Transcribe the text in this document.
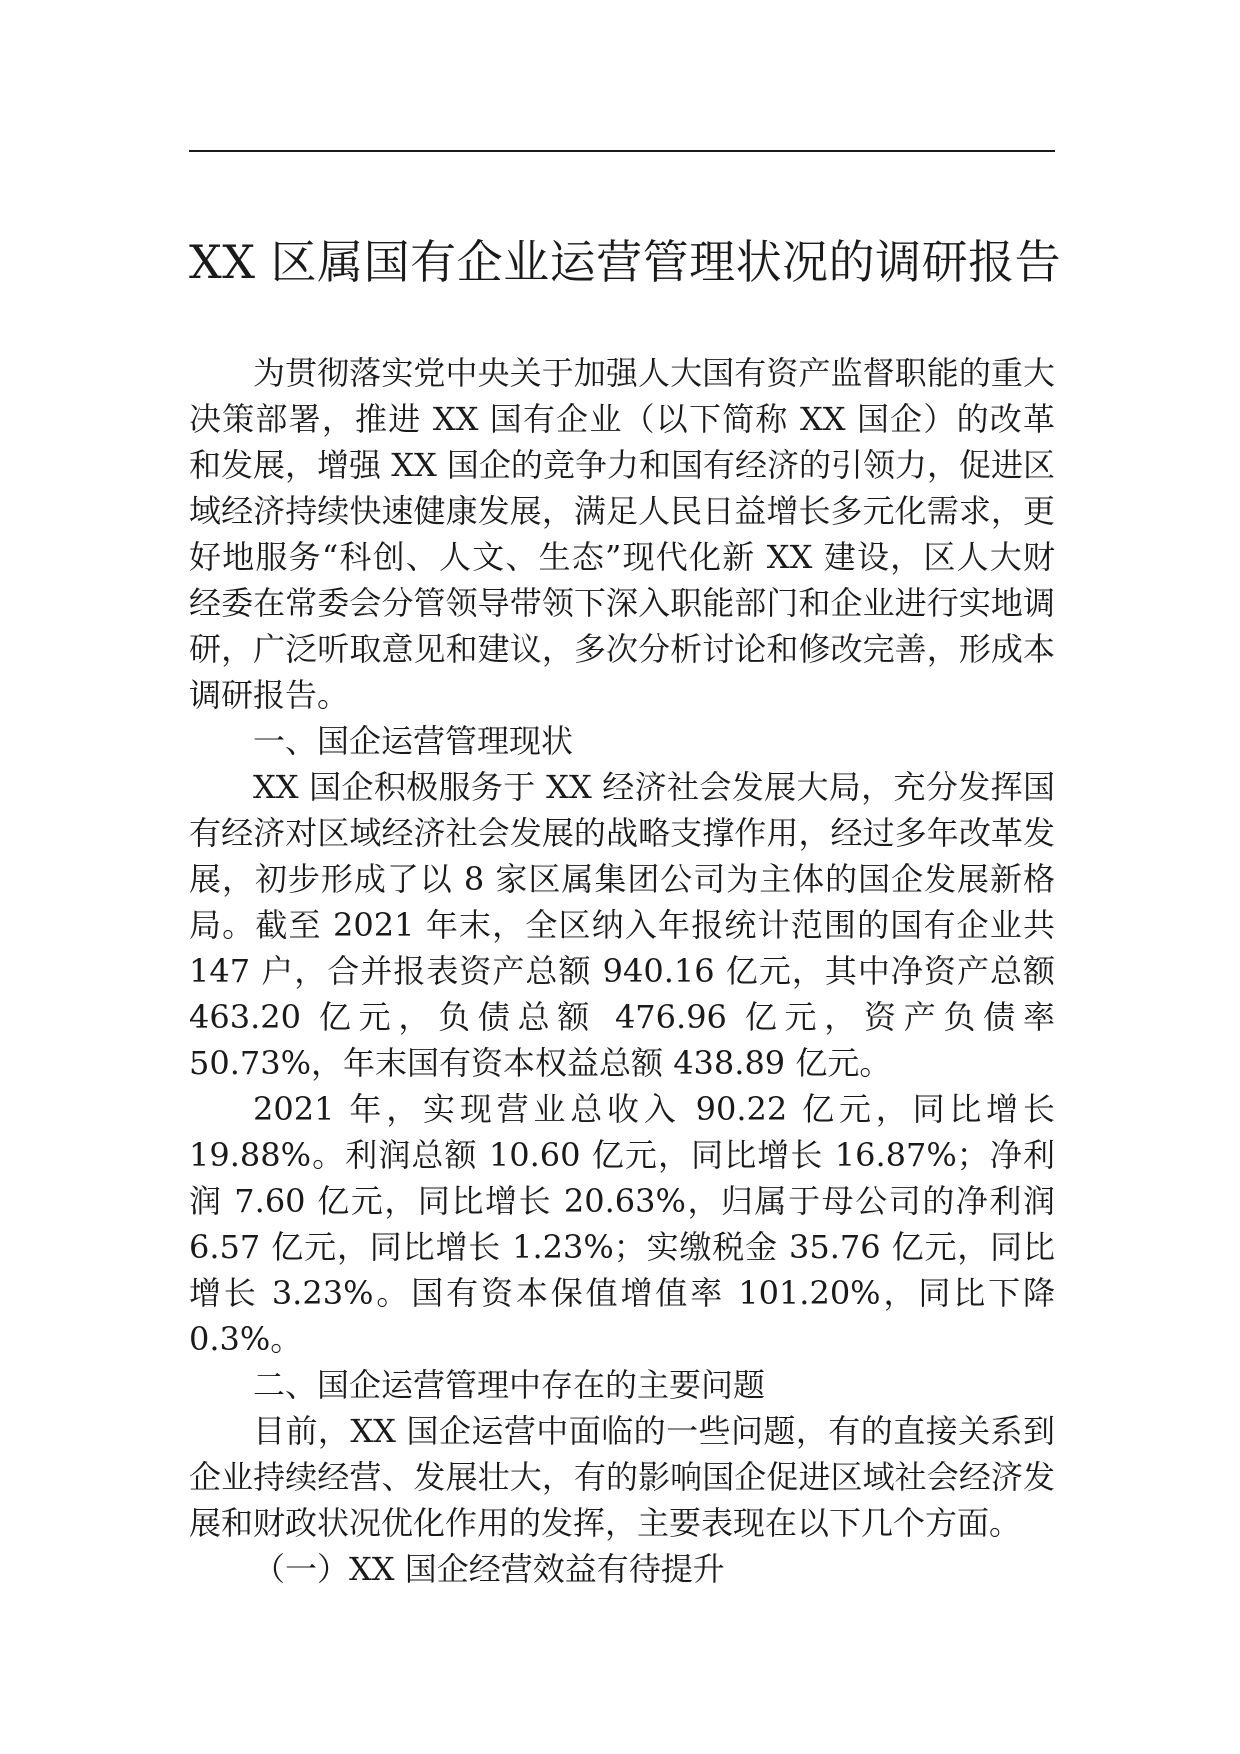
XX 区属国有企业运营管理状况的调研报告

为贯彻落实党中央关于加强人大国有资产监督职能的重大决策部署，推进 XX 国有企业（以下简称 XX 国企）的改革和发展，增强 XX 国企的竞争力和国有经济的引领力，促进区域经济持续快速健康发展，满足人民日益增长多元化需求，更好地服务“科创、人文、生态”现代化新 XX 建设，区人大财经委在常委会分管领导带领下深入职能部门和企业进行实地调研，广泛听取意见和建议，多次分析讨论和修改完善，形成本调研报告。

一、国企运营管理现状

XX 国企积极服务于 XX 经济社会发展大局，充分发挥国有经济对区域经济社会发展的战略支撑作用，经过多年改革发展，初步形成了以 8 家区属集团公司为主体的国企发展新格局。截至 2021 年末，全区纳入年报统计范围的国有企业共 147 户，合并报表资产总额 940.16 亿元，其中净资产总额 463.20 亿元，负债总额 476.96 亿元，资产负债率 50.73%，年末国有资本权益总额 438.89 亿元。

2021 年，实现营业总收入 90.22 亿元，同比增长 19.88%。利润总额 10.60 亿元，同比增长 16.87%；净利润 7.60 亿元，同比增长 20.63%，归属于母公司的净利润 6.57 亿元，同比增长 1.23%；实缴税金 35.76 亿元，同比增长 3.23%。国有资本保值增值率 101.20%，同比下降 0.3%。

二、国企运营管理中存在的主要问题

目前，XX 国企运营中面临的一些问题，有的直接关系到企业持续经营、发展壮大，有的影响国企促进区域社会经济发展和财政状况优化作用的发挥，主要表现在以下几个方面。

（一）XX 国企经营效益有待提升
